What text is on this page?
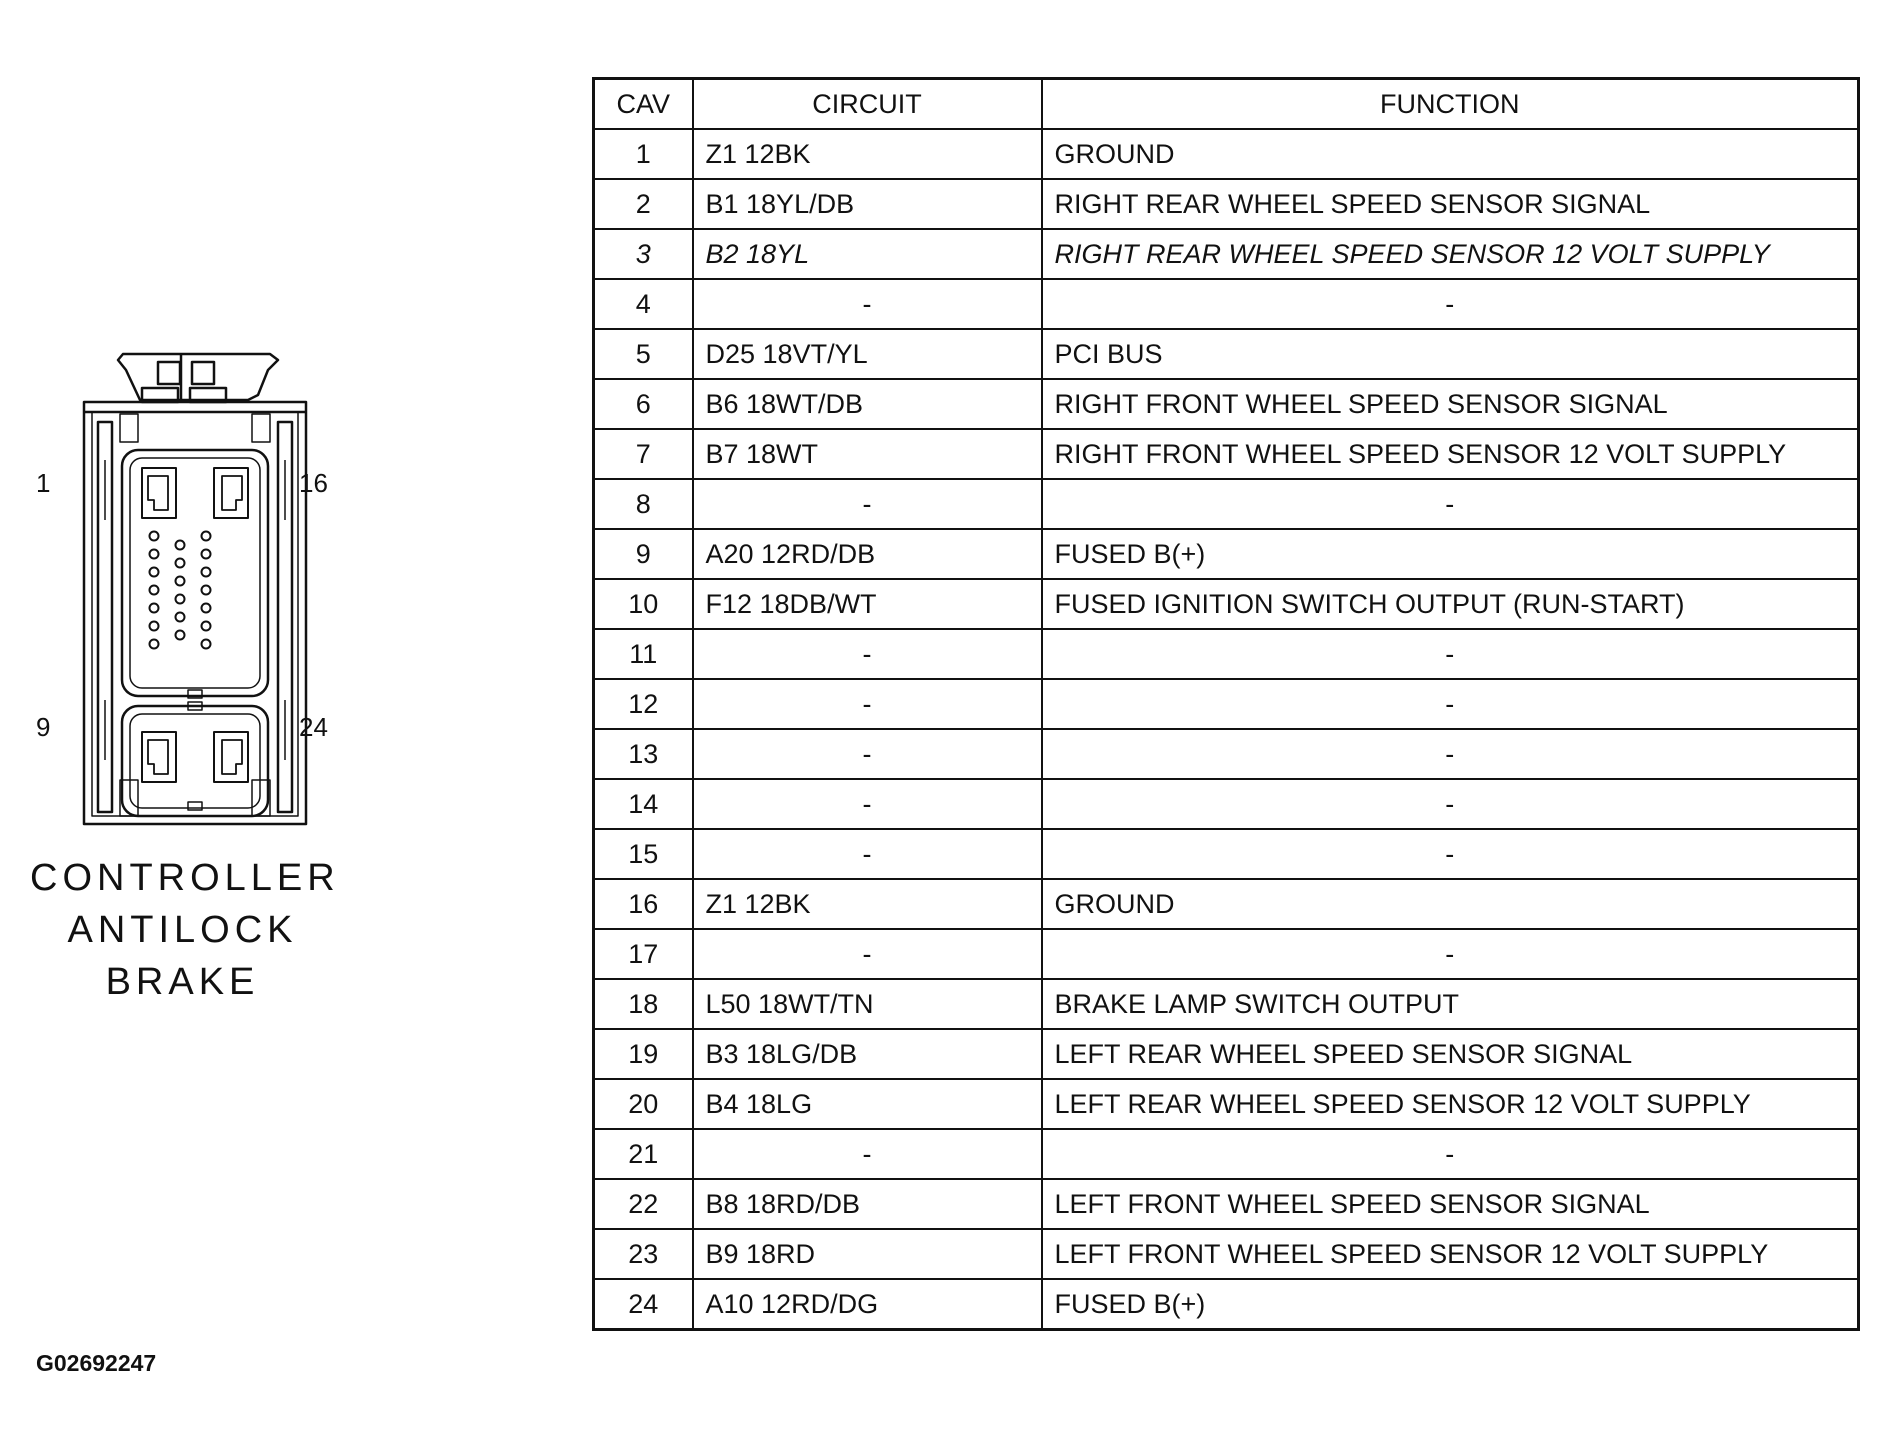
1	16
9	24
CONTROLLER
ANTILOCK
BRAKE
G02692247
CAV	CIRCUIT	FUNCTION
1	Z1 12BK	GROUND
2	B1 18YL/DB	RIGHT REAR WHEEL SPEED SENSOR SIGNAL
3	B2 18YL	RIGHT REAR WHEEL SPEED SENSOR 12 VOLT SUPPLY
4	-	-
5	D25 18VT/YL	PCI BUS
6	B6 18WT/DB	RIGHT FRONT WHEEL SPEED SENSOR SIGNAL
7	B7 18WT	RIGHT FRONT WHEEL SPEED SENSOR 12 VOLT SUPPLY
8	-	-
9	A20 12RD/DB	FUSED B(+)
10	F12 18DB/WT	FUSED IGNITION SWITCH OUTPUT (RUN-START)
11	-	-
12	-	-
13	-	-
14	-	-
15	-	-
16	Z1 12BK	GROUND
17	-	-
18	L50 18WT/TN	BRAKE LAMP SWITCH OUTPUT
19	B3 18LG/DB	LEFT REAR WHEEL SPEED SENSOR SIGNAL
20	B4 18LG	LEFT REAR WHEEL SPEED SENSOR 12 VOLT SUPPLY
21	-	-
22	B8 18RD/DB	LEFT FRONT WHEEL SPEED SENSOR SIGNAL
23	B9 18RD	LEFT FRONT WHEEL SPEED SENSOR 12 VOLT SUPPLY
24	A10 12RD/DG	FUSED B(+)
